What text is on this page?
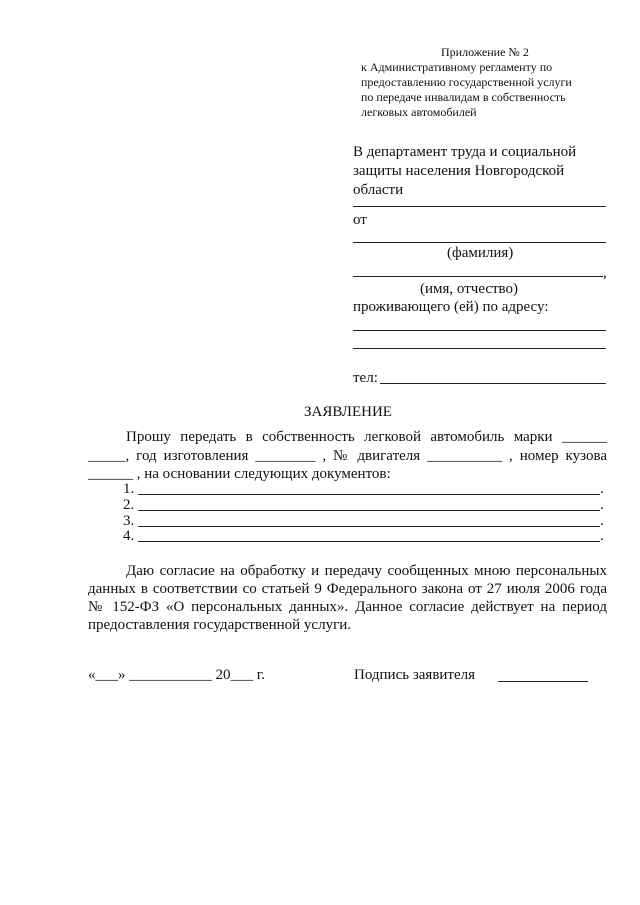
Приложение № 2
к Административному регламенту по
предоставлению государственной услуги
по передаче инвалидам в собственность
легковых автомобилей
В департамент труда и социальной
защиты населения Новгородской
области
от
(фамилия)
,
(имя, отчество)
проживающего (ей) по адресу:
тел:
ЗАЯВЛЕНИЕ
Прошу передать в собственность легковой автомобиль марки ______
_____, год изготовления ________ , № двигателя __________ , номер кузова
______ , на основании следующих документов:
1.	.
2.	.
3.	.
4.	.
Даю согласие на обработку и передачу сообщенных мною персональных
данных в соответствии со статьей 9 Федерального закона от 27 июля 2006 года
№ 152-ФЗ «О персональных данных». Данное согласие действует на период
предоставления государственной услуги.
«___» ___________ 20___ г.	Подпись заявителя
